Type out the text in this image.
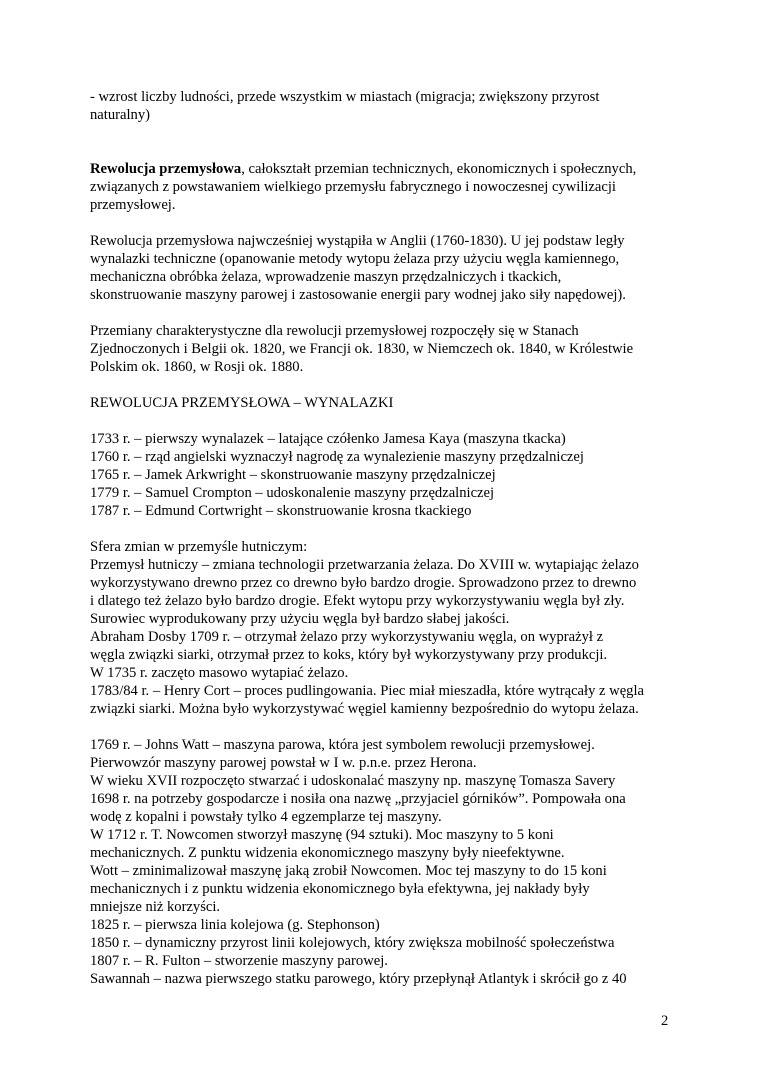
- wzrost liczby ludności, przede wszystkim w miastach (migracja; zwiększony przyrost

naturalny)

Rewolucja przemysłowa, całokształt przemian technicznych, ekonomicznych i społecznych,

związanych z powstawaniem wielkiego przemysłu fabrycznego i nowoczesnej cywilizacji

przemysłowej.

Rewolucja przemysłowa najwcześniej wystąpiła w Anglii (1760-1830). U jej podstaw legły

wynalazki techniczne (opanowanie metody wytopu żelaza przy użyciu węgla kamiennego,

mechaniczna obróbka żelaza, wprowadzenie maszyn przędzalniczych i tkackich,

skonstruowanie maszyny parowej i zastosowanie energii pary wodnej jako siły napędowej).

Przemiany charakterystyczne dla rewolucji przemysłowej rozpoczęły się w Stanach

Zjednoczonych i Belgii ok. 1820, we Francji ok. 1830, w Niemczech ok. 1840, w Królestwie

Polskim ok. 1860, w Rosji ok. 1880.

REWOLUCJA PRZEMYSŁOWA – WYNALAZKI

1733 r. – pierwszy wynalazek – latające czółenko Jamesa Kaya (maszyna tkacka)

1760 r. – rząd angielski wyznaczył nagrodę za wynalezienie maszyny przędzalniczej

1765 r. – Jamek Arkwright – skonstruowanie maszyny przędzalniczej

1779 r. – Samuel Crompton – udoskonalenie maszyny przędzalniczej

1787 r. – Edmund Cortwright – skonstruowanie krosna tkackiego

Sfera zmian w przemyśle hutniczym:

Przemysł hutniczy – zmiana technologii przetwarzania żelaza. Do XVIII w. wytapiając żelazo

wykorzystywano drewno przez co drewno było bardzo drogie. Sprowadzono przez to drewno

i dlatego też żelazo było bardzo drogie. Efekt wytopu przy wykorzystywaniu węgla był zły.

Surowiec wyprodukowany przy użyciu węgla był bardzo słabej jakości.

Abraham Dosby 1709 r. – otrzymał żelazo przy wykorzystywaniu węgla, on wyprażył z

węgla związki siarki, otrzymał przez to koks, który był wykorzystywany przy produkcji.

W 1735 r. zaczęto masowo wytapiać żelazo.

1783/84 r. – Henry Cort – proces pudlingowania. Piec miał mieszadła, które wytrącały z węgla

związki siarki. Można było wykorzystywać węgiel kamienny bezpośrednio do wytopu żelaza.

1769 r. – Johns Watt – maszyna parowa, która jest symbolem rewolucji przemysłowej.

Pierwowzór maszyny parowej powstał w I w. p.n.e. przez Herona.

W wieku XVII rozpoczęto stwarzać i udoskonalać maszyny np. maszynę Tomasza Savery

1698 r. na potrzeby gospodarcze i nosiła ona nazwę „przyjaciel górników”. Pompowała ona

wodę z kopalni i powstały tylko 4 egzemplarze tej maszyny.

W 1712 r. T. Nowcomen stworzył maszynę (94 sztuki). Moc maszyny to 5 koni

mechanicznych. Z punktu widzenia ekonomicznego maszyny były nieefektywne.

Wott – zminimalizował maszynę jaką zrobił Nowcomen. Moc tej maszyny to do 15 koni

mechanicznych i z punktu widzenia ekonomicznego była efektywna, jej nakłady były

mniejsze niż korzyści.

1825 r. – pierwsza linia kolejowa (g. Stephonson)

1850 r. – dynamiczny przyrost linii kolejowych, który zwiększa mobilność społeczeństwa

1807 r. – R. Fulton – stworzenie maszyny parowej.

Sawannah – nazwa pierwszego statku parowego, który przepłynął Atlantyk i skrócił go z 40

2
